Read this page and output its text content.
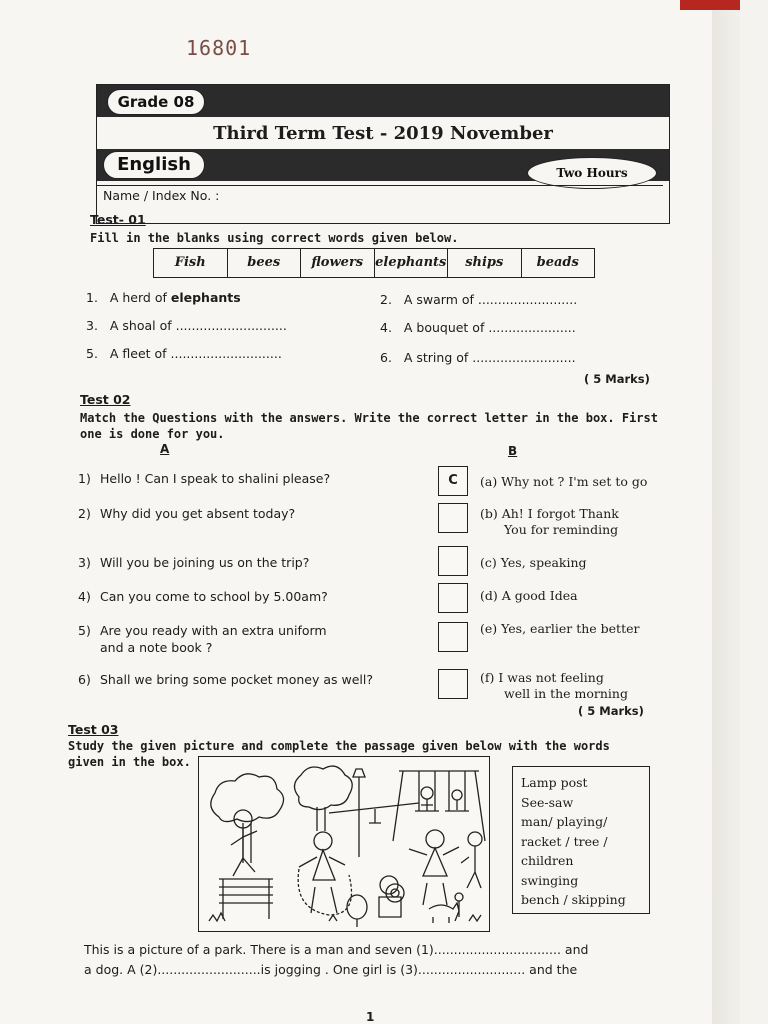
16801
Grade 08
Third Term Test - 2019 November
English	Two Hours
Name / Index No. :
Test- 01
Fill in the blanks using correct words given below.
Fish	bees	flowers elephants	ships	beads
1. A herd of elephants	2. A swarm of .........................
3. A shoal of ............................	4. A bouquet of ......................
5. A fleet of ............................	6. A string of ..........................
( 5 Marks)
Test 02
Match the Questions with the answers. Write the correct letter in the box. First
one is done for you.
A	B
1) Hello ! Can I speak to shalini please?	C	(a) Why not ? I'm set to go
2) Why did you get absent today?	(b) Ah! I forgot Thank
You for reminding
3) Will you be joining us on the trip?	(c) Yes, speaking
4) Can you come to school by 5.00am?	(d) A good Idea
5) Are you ready with an extra uniform
and a note book ?
(e) Yes, earlier the better
6) Shall we bring some pocket money as well?	(f) I was not feeling
well in the morning
( 5 Marks)
Test 03
Study the given picture and complete the passage given below with the words
given in the box.
Lamp post
See-saw
man/ playing/
racket / tree /
children
swinging
bench / skipping
This is a picture of a park. There is a man and seven (1)................................ and
a dog. A (2)..........................is jogging . One girl is (3)........................... and the
1
